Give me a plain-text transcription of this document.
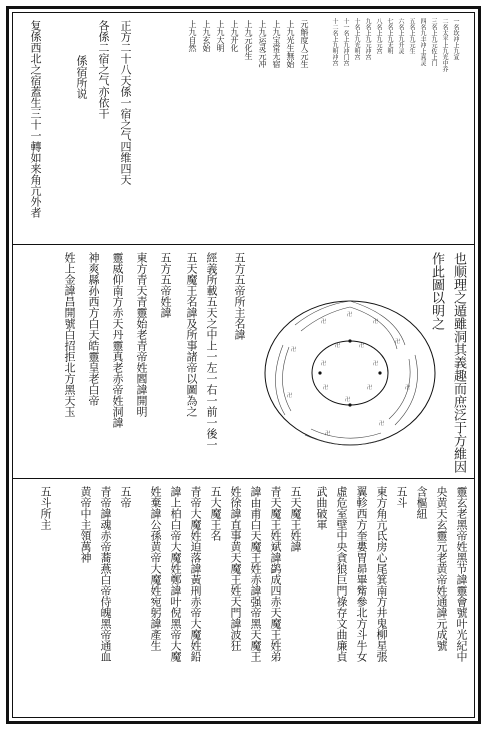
一名坎冲上九宣
二名太平上九光中乔
三名上九元佐上门
四名九丰冲上真灵
五名上九元生
六名上九升灵
七名上九无明
八名上九元宫
九名上九元冲宫
十名上九光明宫
十一名上九冲门宫
十二名上九明冲宫
元斛度人元生
上九光生無始
上九宝常无宿
上九运灵元冲
上九元化生
上九开化
上九大明
上九玄始
上九自然
正方二十八天係一宿之气四维四天
各係二宿之气亦依干
係宿所说
复係西北之宿蓋生三十一轉如来角亢外者
也顺理之遁雖洞其義趣而庶泛于方維因
作此圖以明之
卍
卍
卍
卍
卍
卍
卍
卍	卍
卍
卍
卍
卍
卍
卍
卍
五方五帝所主名諱
經義所載五天之中上一左一右一前一後一
五天魔王名諱及所事諸帝以圖為之
五方五帝姓諱
東方青天青靈始老青帝姓閻諱開明
靈威仰南方赤天丹靈真老赤帝姓洞諱
神爽縣孙西方白天皓靈皇老白帝
姓上金諱昌開號白招拒北方黑天玉
靈玄老黑帝姓黑节諱靈會號叶光紀中
央黄天玄靈元老黄帝姓通諱元成號
含樞紐
五斗
東方角亢氐房心尾箕南方井鬼柳星張
翼軫西方奎婁胃昴畢觜參北方斗牛女
虛危室壁中央貪狼巨門祿存文曲廉貞
武曲破軍
五天魔王姓諱
青天魔王姓斌諱鹢成四赤天魔王姓弟
諱由甫白天魔王姓赤諱强帝黑天魔王
姓徐諱直事黄天魔王姓天門諱波狂
五大魔王名
青帝大魔姓迫落諱黃刑赤帝大魔姓鉛
諱上柏白帝大魔姓鄭諱叶倪黑帝大魔
姓棄諱公孫黄帝大魔姓宛躬諱產生
五帝
青帝諱魂赤帝蕎燕白帝侍魄黑帝通血
黄帝中主領萬神
五斗所主
